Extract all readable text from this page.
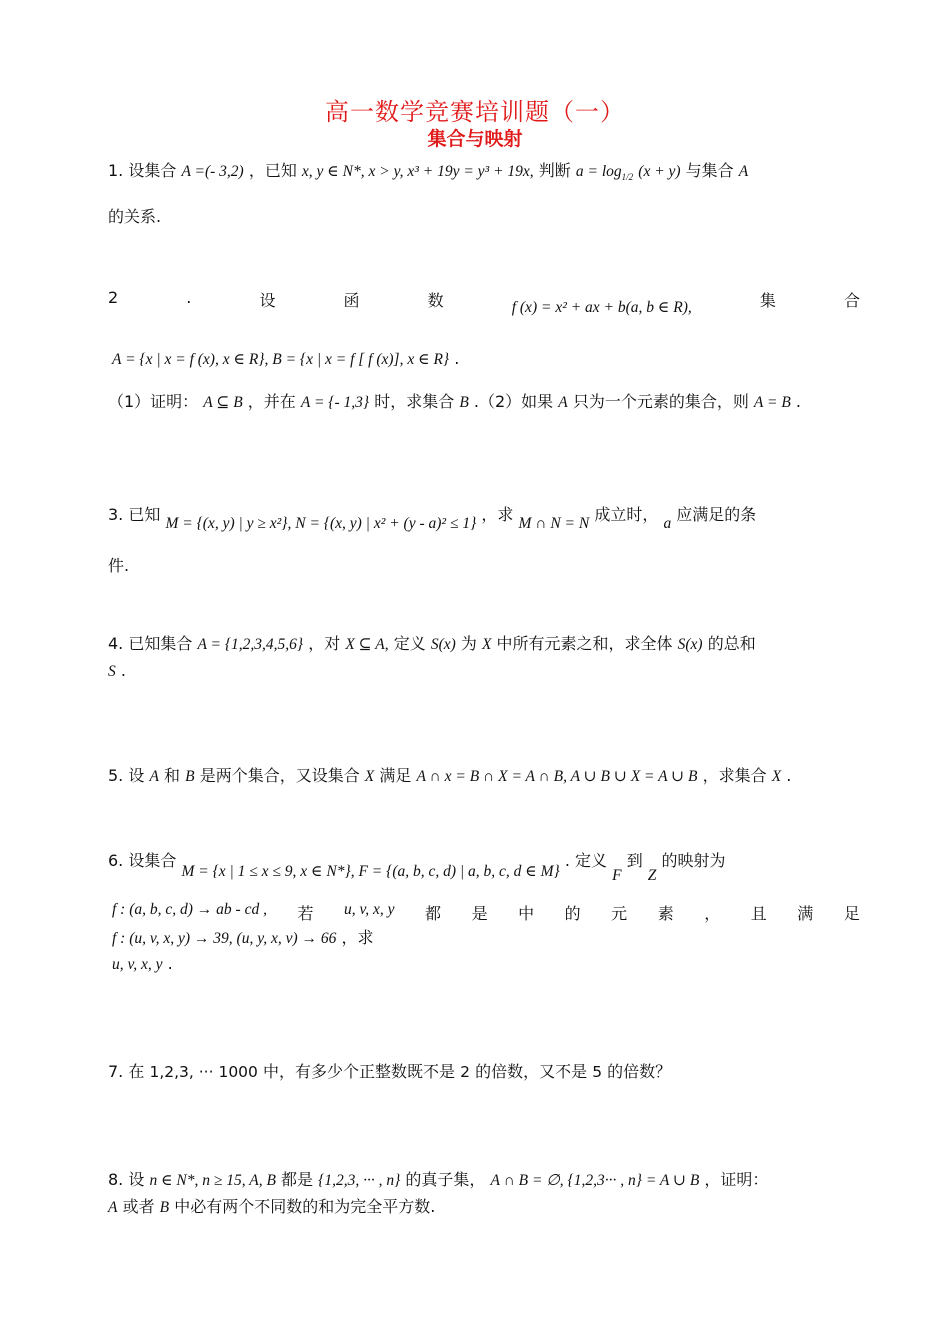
高一数学竞赛培训题（一）
集合与映射
1. 设集合 A =(- 3,2) ，已知 x, y ∈ N*, x > y, x³ + 19y = y³ + 19x, 判断 $a = \log_{1/2} (x + y)$ 与集合 A
的关系.
2	.	设	函	数	f (x) = x² + ax + b(a, b ∈ R),	集	合
A = {x | x = f (x), x ∈ R}, B = {x | x = f [ f (x)], x ∈ R} .
（1）证明： A ⊆ B ，并在 A = {- 1,3} 时，求集合 B .（2）如果 A 只为一个元素的集合，则 A = B .
3. 已知 M = {(x, y) | y ≥ x²}, N = {(x, y) | x² + (y - a)² ≤ 1} ，求 M ∩ N = N 成立时， a 应满足的条
件.
4. 已知集合 A = {1,2,3,4,5,6} ，对 X ⊆ A, 定义 S(x) 为 X 中所有元素之和，求全体 S(x) 的总和
S .
5. 设 A 和 B 是两个集合，又设集合 X 满足 A ∩ x = B ∩ X = A ∩ B, A ∪ B ∪ X = A ∪ B ，求集合 X .
6. 设集合 M = {x | 1 ≤ x ≤ 9, x ∈ N*}, F = {(a, b, c, d) | a, b, c, d ∈ M} . 定义 F 到 Z 的映射为
f : (a, b, c, d) → ab - cd , 若 u, v, x, y 都 是 中 的 元 素 ， 且 满 足
f : (u, v, x, y) → 39, (u, y, x, v) → 66 ，求
u, v, x, y .
7. 在 1,2,3, ··· 1000 中，有多少个正整数既不是 2 的倍数，又不是 5 的倍数？
8. 设 n ∈ N*, n ≥ 15, A, B 都是 {1,2,3, ··· , n} 的真子集， A ∩ B = ∅, {1,2,3··· , n} = A ∪ B ，证明：
A 或者 B 中必有两个不同数的和为完全平方数.
